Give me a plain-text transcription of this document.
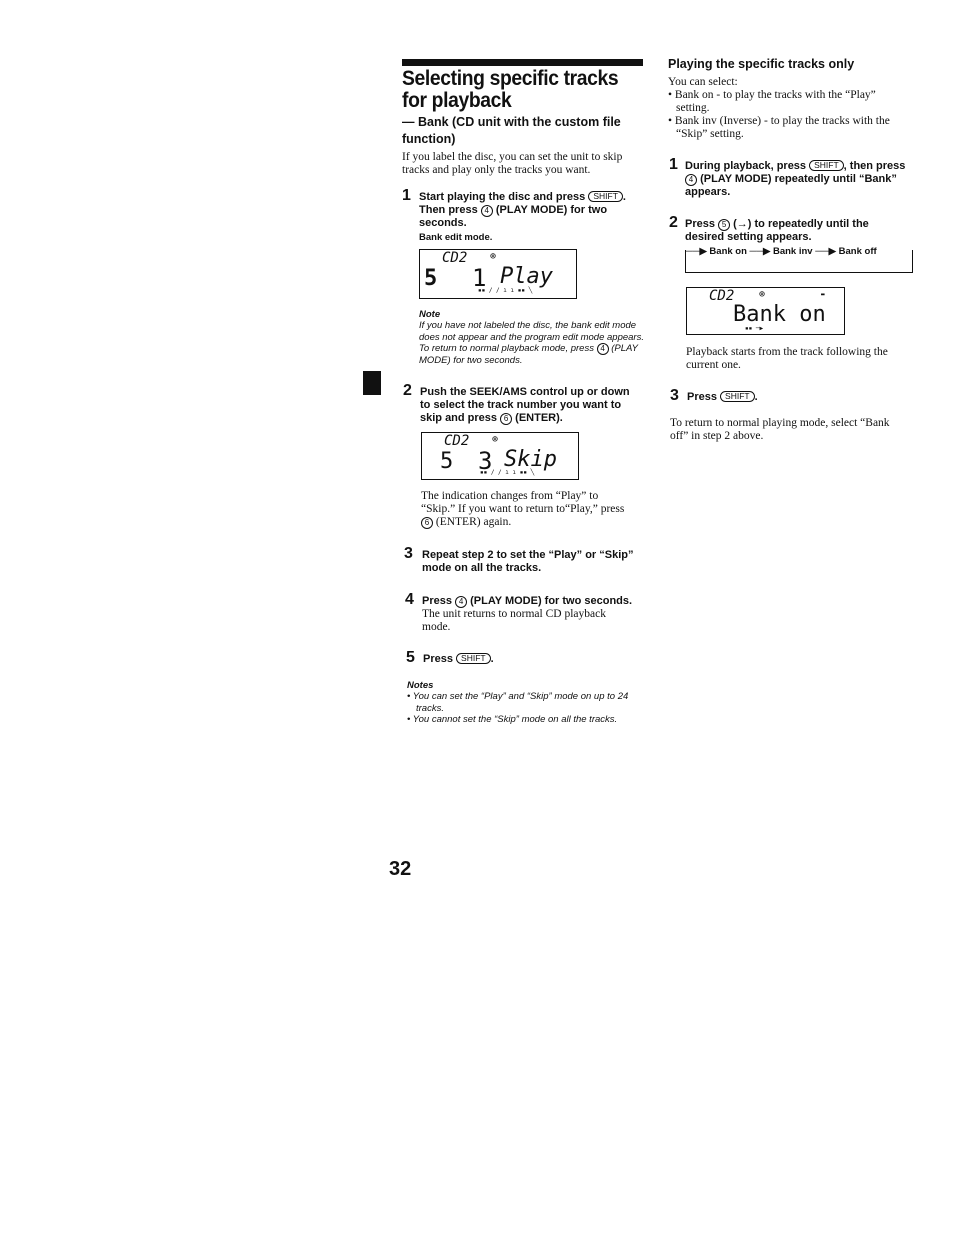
Selecting specific tracks for playback
— Bank (CD unit with the custom file function)
If you label the disc, you can set the unit to skip tracks and play only the tracks you want.
1 Start playing the disc and press SHIFT . Then press 4 (PLAY MODE) for two seconds.
Bank edit mode.
CD2 ⊚
5 1 Play
▪▪ / / ı ı ▪▪ ╲
Note
If you have not labeled the disc, the bank edit mode does not appear and the program edit mode appears. To return to normal playback mode, press 4 (PLAY MODE) for two seconds.
2 Push the SEEK/AMS control up or down to select the track number you want to skip and press 6 (ENTER).
CD2 ⊚
5 3 Skip
▪▪ / / ı ı ▪▪ ╲
The indication changes from “Play” to “Skip.” If you want to return to“Play,” press 6 (ENTER) again.
3 Repeat step 2 to set the “Play” or “Skip” mode on all the tracks.
4 Press 4 (PLAY MODE) for two seconds.
The unit returns to normal CD playback mode.
5 Press SHIFT .
Notes
• You can set the “Play” and “Skip” mode on up to 24 tracks.
• You cannot set the “Skip” mode on all the tracks.
Playing the specific tracks only
You can select:
• Bank on - to play the tracks with the “Play” setting.
• Bank inv (Inverse) - to play the tracks with the “Skip” setting.
1 During playback, press SHIFT , then press 4 (PLAY MODE) repeatedly until “Bank” appears.
2 Press 5 (→) to repeatedly until the desired setting appears.
──▶ Bank on ──▶ Bank inv ──▶ Bank off
CD2 ⊚	▬
Bank on
▪▪ ─▶
Playback starts from the track following the current one.
3 Press SHIFT .
To return to normal playing mode, select “Bank off” in step 2 above.
32
